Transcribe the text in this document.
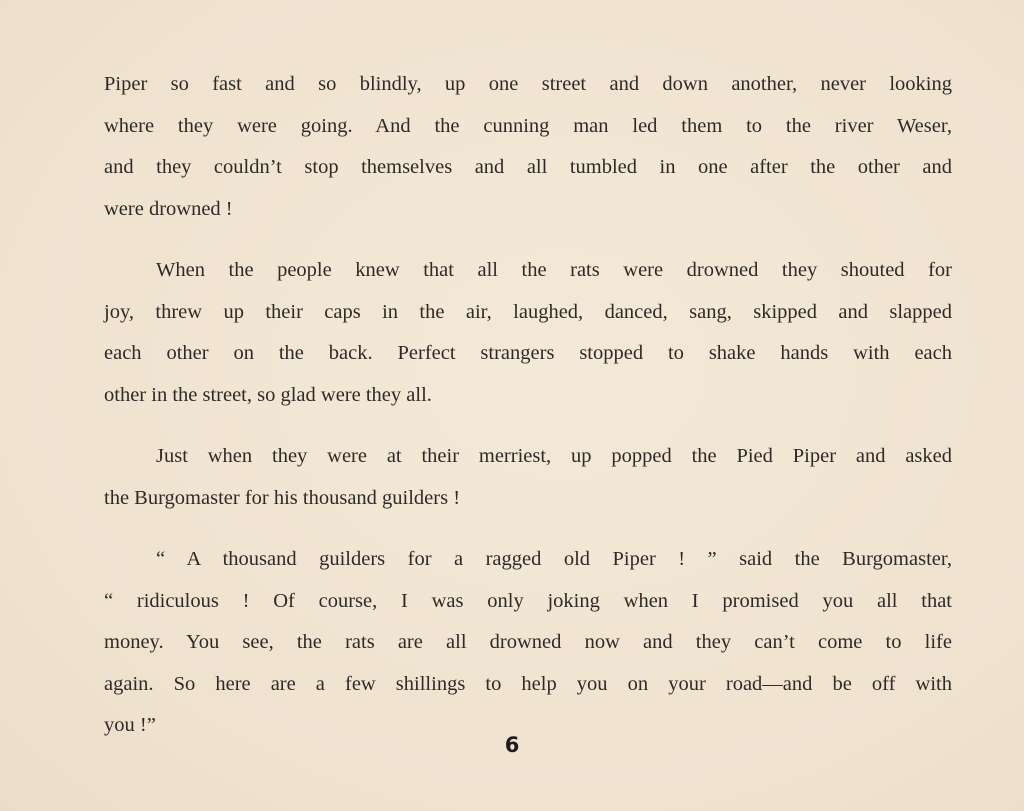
Piper so fast and so blindly, up one street and down another, never looking
where they were going. And the cunning man led them to the river Weser,
and they couldn’t stop themselves and all tumbled in one after the other and
were drowned !
When the people knew that all the rats were drowned they shouted for
joy, threw up their caps in the air, laughed, danced, sang, skipped and slapped
each other on the back. Perfect strangers stopped to shake hands with each
other in the street, so glad were they all.
Just when they were at their merriest, up popped the Pied Piper and asked
the Burgomaster for his thousand guilders !
“ A thousand guilders for a ragged old Piper ! ” said the Burgomaster,
“ ridiculous ! Of course, I was only joking when I promised you all that
money. You see, the rats are all drowned now and they can’t come to life
again. So here are a few shillings to help you on your road—and be off with
you !”
6
